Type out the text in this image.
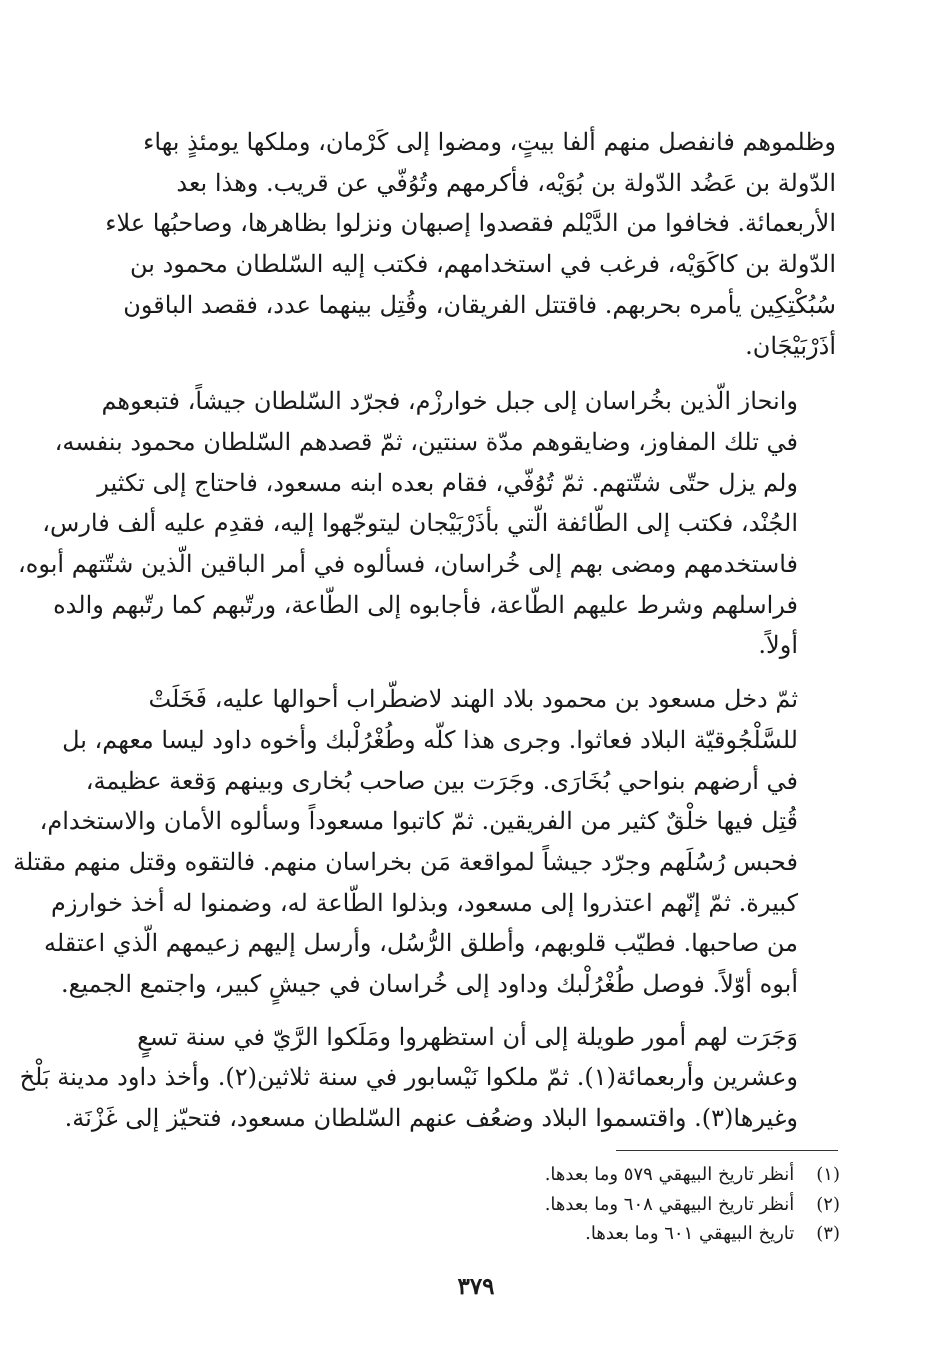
وظلموهم فانفصل منهم ألفا بيتٍ، ومضوا إلى كَرْمان، وملكها يومئذٍ بهاء
الدّولة بن عَضُد الدّولة بن بُوَيْه، فأكرمهم وتُوُفّي عن قريب. وهذا بعد
الأربعمائة. فخافوا من الدَّيْلم فقصدوا إصبهان ونزلوا بظاهرها، وصاحبُها علاء
الدّولة بن كاكَوَيْه، فرغب في استخدامهم، فكتب إليه السّلطان محمود بن
سُبُكْتِكِين يأمره بحربهم. فاقتتل الفريقان، وقُتِل بينهما عدد، فقصد الباقون
أذَرْبَيْجَان.

وانحاز الّذين بخُراسان إلى جبل خوارزْم، فجرّد السّلطان جيشاً، فتبعوهم
في تلك المفاوز، وضايقوهم مدّة سنتين، ثمّ قصدهم السّلطان محمود بنفسه،
ولم يزل حتّى شتّتهم. ثمّ تُوُفّي، فقام بعده ابنه مسعود، فاحتاج إلى تكثير
الجُنْد، فكتب إلى الطّائفة الّتي بأذَرْبَيْجان ليتوجّهوا إليه، فقدِم عليه ألف فارس،
فاستخدمهم ومضى بهم إلى خُراسان، فسألوه في أمر الباقين الّذين شتّتهم أبوه،
فراسلهم وشرط عليهم الطّاعة، فأجابوه إلى الطّاعة، ورتّبهم كما رتّبهم والده
أولاً.

ثمّ دخل مسعود بن محمود بلاد الهند لاضطّراب أحوالها عليه، فَخَلَتْ
للسَّلْجُوقيّة البلاد فعاثوا. وجرى هذا كلّه وطُغْرُلْبك وأخوه داود ليسا معهم، بل
في أرضهم بنواحي بُخَارَى. وجَرَت بين صاحب بُخارى وبينهم وَقعة عظيمة،
قُتِل فيها خلْقٌ كثير من الفريقين. ثمّ كاتبوا مسعوداً وسألوه الأمان والاستخدام،
فحبس رُسُلَهم وجرّد جيشاً لمواقعة مَن بخراسان منهم. فالتقوه وقتل منهم مقتلة
كبيرة. ثمّ إنّهم اعتذروا إلى مسعود، وبذلوا الطّاعة له، وضمنوا له أخذ خوارزم
من صاحبها. فطيّب قلوبهم، وأطلق الرُّسُل، وأرسل إليهم زعيمهم الّذي اعتقله
أبوه أوّلاً. فوصل طُغْرُلْبك وداود إلى خُراسان في جيشٍ كبير، واجتمع الجميع.

وَجَرَت لهم أمور طويلة إلى أن استظهروا ومَلَكوا الرَّيّ في سنة تسعٍ
وعشرين وأربعمائة(١). ثمّ ملكوا نَيْسابور في سنة ثلاثين(٢). وأخذ داود مدينة بَلْخ
وغيرها(٣). واقتسموا البلاد وضعُف عنهم السّلطان مسعود، فتحيّز إلى غَزْنَة.

(١) أنظر تاريخ البيهقي ٥٧٩ وما بعدها.
(٢) أنظر تاريخ البيهقي ٦٠٨ وما بعدها.
(٣) تاريخ البيهقي ٦٠١ وما بعدها.
٣٧٩
